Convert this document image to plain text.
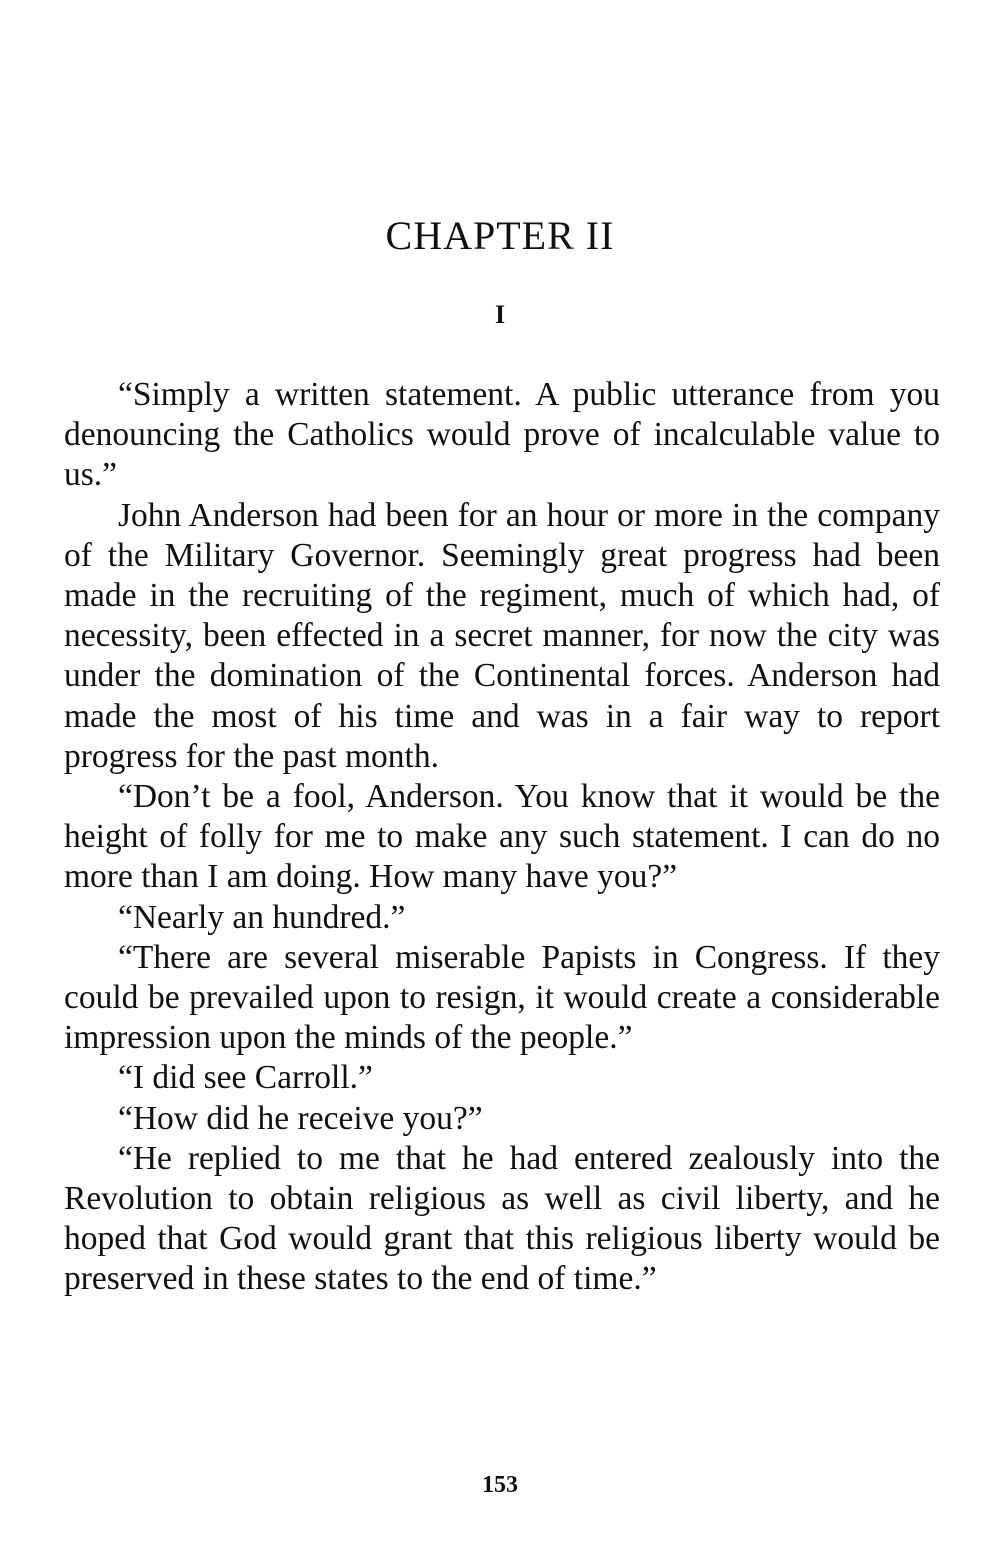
CHAPTER II
I

“Simply a written statement. A public utterance from you denouncing the Catholics would prove of incalculable value to us.”

John Anderson had been for an hour or more in the company of the Military Governor. Seemingly great progress had been made in the recruiting of the regiment, much of which had, of necessity, been effected in a secret manner, for now the city was under the domination of the Continental forces. Anderson had made the most of his time and was in a fair way to report progress for the past month.

“Don’t be a fool, Anderson. You know that it would be the height of folly for me to make any such statement. I can do no more than I am doing. How many have you?”

“Nearly an hundred.”

“There are several miserable Papists in Congress. If they could be prevailed upon to resign, it would create a considerable impression upon the minds of the people.”

“I did see Carroll.”

“How did he receive you?”

“He replied to me that he had entered zealously into the Revolution to obtain religious as well as civil liberty, and he hoped that God would grant that this religious liberty would be preserved in these states to the end of time.”

153
